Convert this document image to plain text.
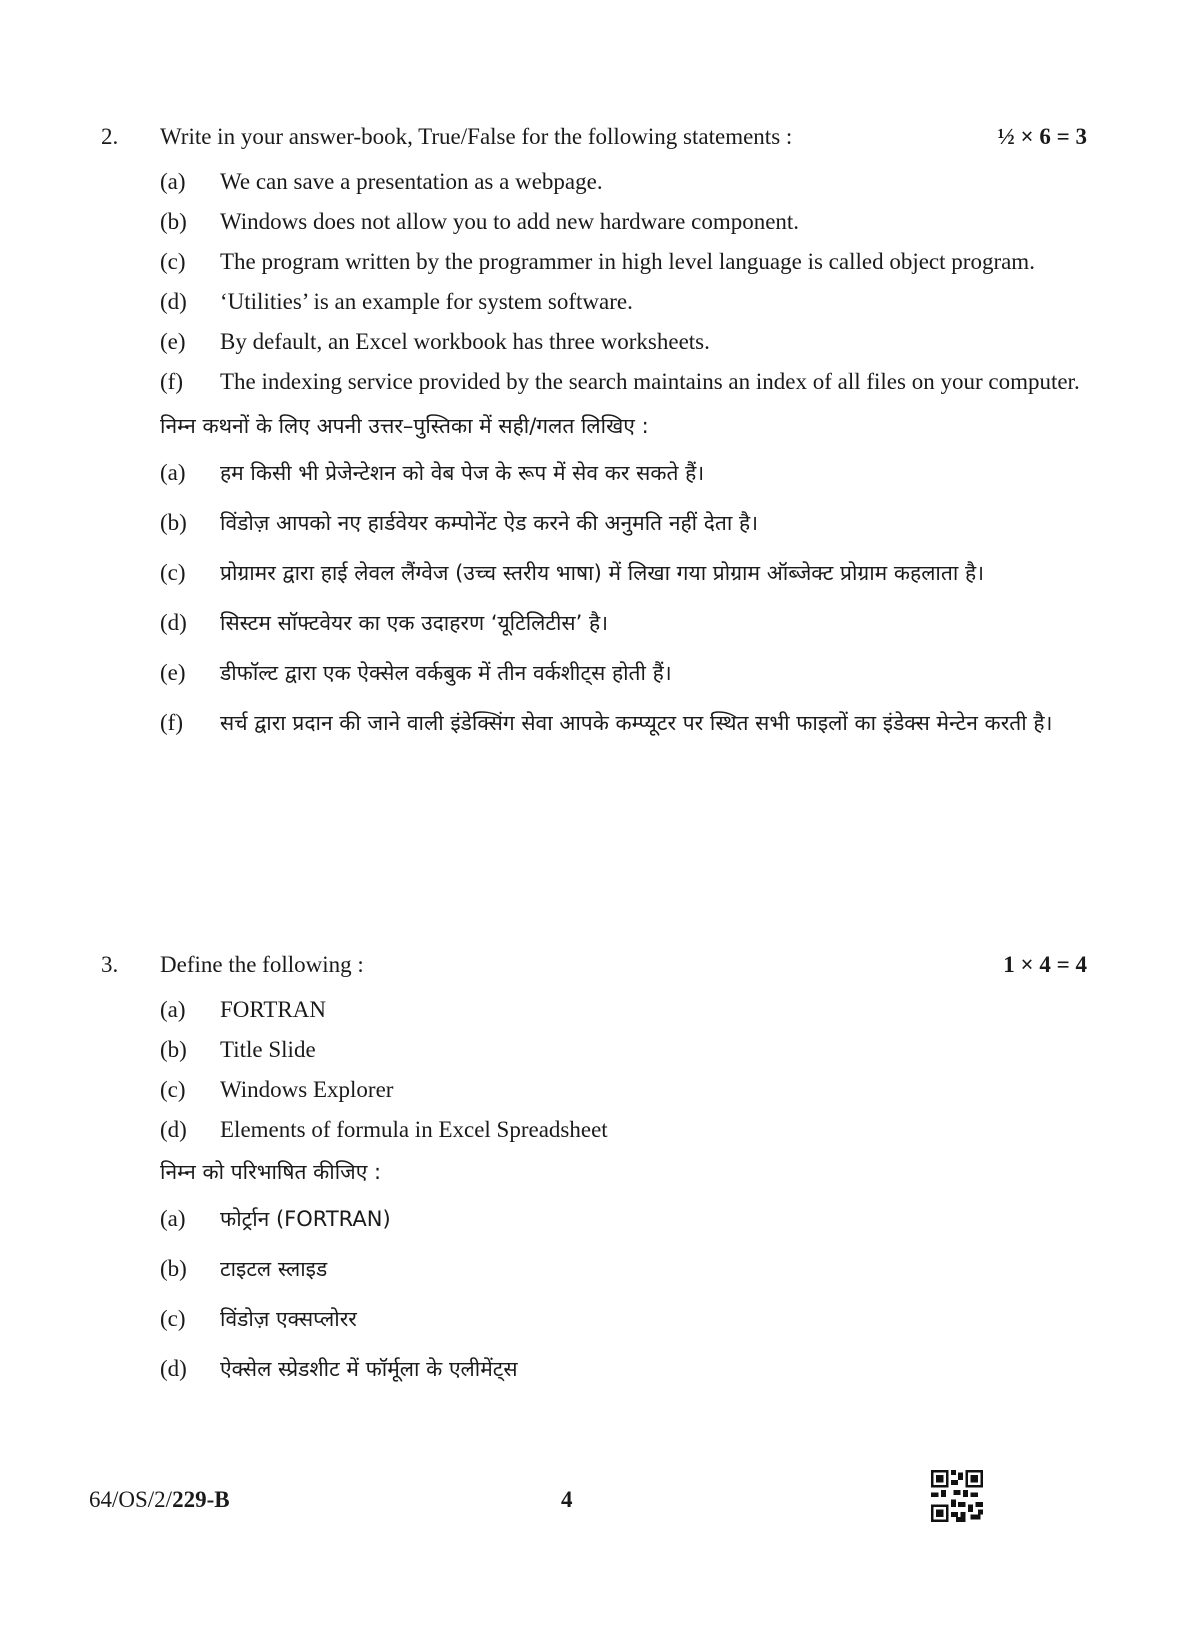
2. Write in your answer-book, True/False for the following statements :	½ × 6 = 3
(a) We can save a presentation as a webpage.
(b) Windows does not allow you to add new hardware component.
(c) The program written by the programmer in high level language is called object program.
(d) ‘Utilities’ is an example for system software.
(e) By default, an Excel workbook has three worksheets.
(f) The indexing service provided by the search maintains an index of all files on your computer.
निम्न कथनों के लिए अपनी उत्तर–पुस्तिका में सही/गलत लिखिए :
(a) हम किसी भी प्रेजेन्टेशन को वेब पेज के रूप में सेव कर सकते हैं।
(b) विंडोज़ आपको नए हार्डवेयर कम्पोनेंट ऐड करने की अनुमति नहीं देता है।
(c) प्रोग्रामर द्वारा हाई लेवल लैंग्वेज (उच्च स्तरीय भाषा) में लिखा गया प्रोग्राम ऑब्जेक्ट प्रोग्राम कहलाता है।
(d) सिस्टम सॉफ्टवेयर का एक उदाहरण ‘यूटिलिटीस’ है।
(e) डीफॉल्ट द्वारा एक ऐक्सेल वर्कबुक में तीन वर्कशीट्स होती हैं।
(f) सर्च द्वारा प्रदान की जाने वाली इंडेक्सिंग सेवा आपके कम्प्यूटर पर स्थित सभी फाइलों का इंडेक्स मेन्टेन करती है।
3. Define the following :	1 × 4 = 4
(a) FORTRAN
(b) Title Slide
(c) Windows Explorer
(d) Elements of formula in Excel Spreadsheet
निम्न को परिभाषित कीजिए :
(a) फोर्ट्रान (FORTRAN)
(b) टाइटल स्लाइड
(c) विंडोज़ एक्सप्लोरर
(d) ऐक्सेल स्प्रेडशीट में फॉर्मूला के एलीमेंट्स
64/OS/2/229-B	4
